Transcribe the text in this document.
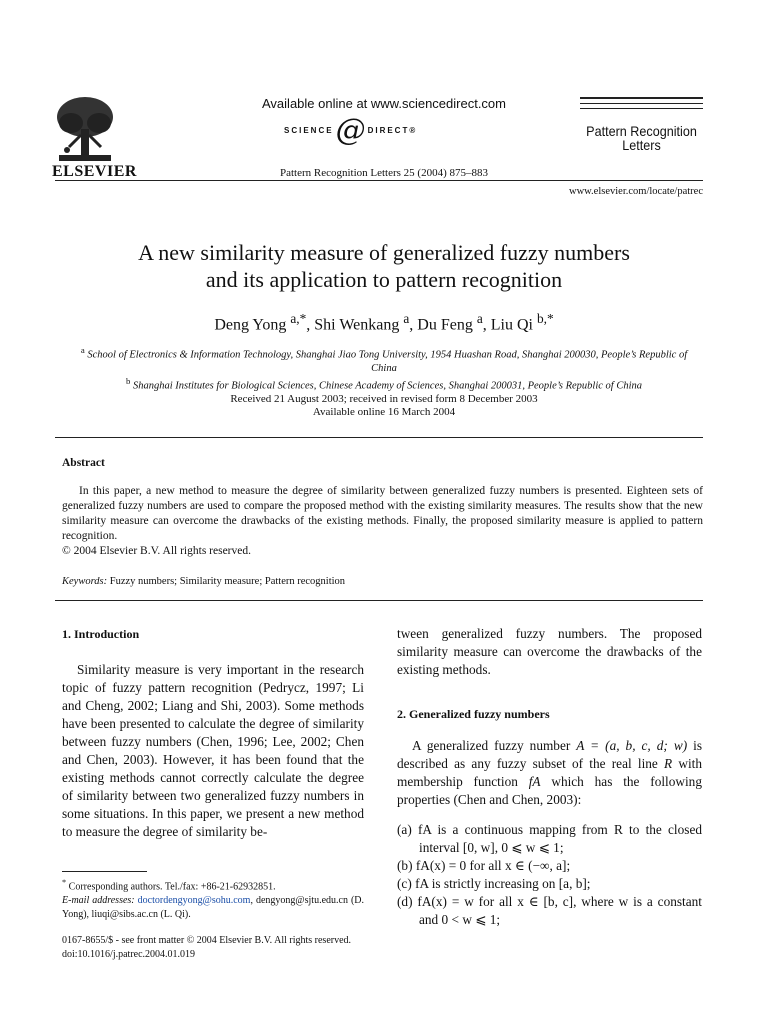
ELSEVIER
Available online at www.sciencedirect.com
SCIENCE @ DIRECT®
Pattern Recognition Letters 25 (2004) 875–883
Pattern Recognition
Letters
www.elsevier.com/locate/patrec
A new similarity measure of generalized fuzzy numbers
and its application to pattern recognition
Deng Yong $^{a,*}$, Shi Wenkang $^a$, Du Feng $^a$, Liu Qi $^{b,*}$
$^a$ School of Electronics & Information Technology, Shanghai Jiao Tong University, 1954 Huashan Road, Shanghai 200030, People’s Republic of China
$^b$ Shanghai Institutes for Biological Sciences, Chinese Academy of Sciences, Shanghai 200031, People’s Republic of China
Received 21 August 2003; received in revised form 8 December 2003
Available online 16 March 2004
Abstract
In this paper, a new method to measure the degree of similarity between generalized fuzzy numbers is presented. Eighteen sets of generalized fuzzy numbers are used to compare the proposed method with the existing similarity measures. The results show that the new similarity measure can overcome the drawbacks of the existing methods. Finally, the proposed similarity measure is applied to pattern recognition.
© 2004 Elsevier B.V. All rights reserved.
Keywords: Fuzzy numbers; Similarity measure; Pattern recognition

1. Introduction

Similarity measure is very important in the research topic of fuzzy pattern recognition (Pedrycz, 1997; Li and Cheng, 2002; Liang and Shi, 2003). Some methods have been presented to calculate the degree of similarity between fuzzy numbers (Chen, 1996; Lee, 2002; Chen and Chen, 2003). However, it has been found that the existing methods cannot correctly calculate the degree of similarity between two generalized fuzzy numbers in some situations. In this paper, we present a new method to measure the degree of similarity be-

* Corresponding authors. Tel./fax: +86-21-62932851.
E-mail addresses: doctordengyong@sohu.com, dengyong@sjtu.edu.cn (D. Yong), liuqi@sibs.ac.cn (L. Qi).
0167-8655/$ - see front matter © 2004 Elsevier B.V. All rights reserved.
doi:10.1016/j.patrec.2004.01.019

tween generalized fuzzy numbers. The proposed similarity measure can overcome the drawbacks of the existing methods.

2. Generalized fuzzy numbers

A generalized fuzzy number A = (a, b, c, d; w) is described as any fuzzy subset of the real line R with membership function fA which has the following properties (Chen and Chen, 2003):

(a) fA is a continuous mapping from R to the closed interval [0, w], 0 ⩽ w ⩽ 1;
(b) fA(x) = 0 for all x ∈ (−∞, a];
(c) fA is strictly increasing on [a, b];
(d) fA(x) = w for all x ∈ [b, c], where w is a constant and 0 < w ⩽ 1;
